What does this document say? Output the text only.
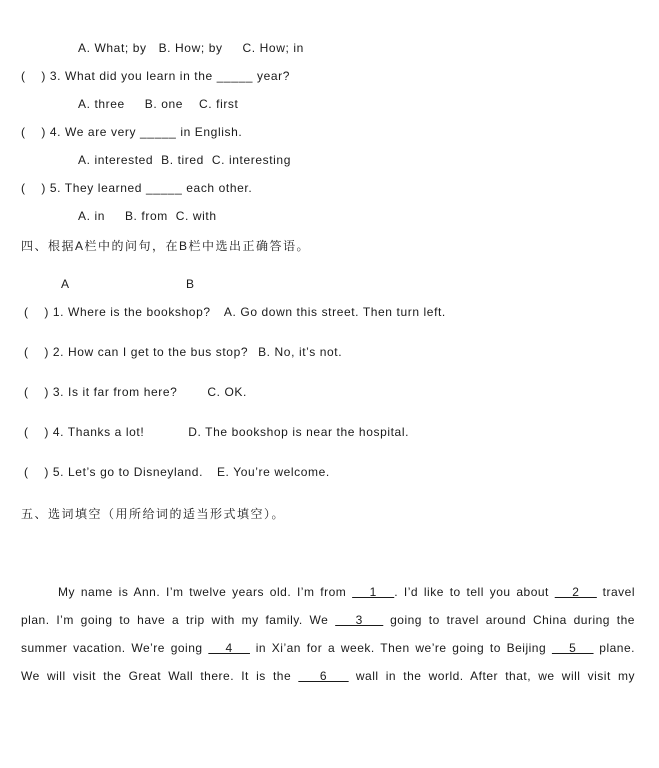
A. What; by B. How; by C. How; in
(    ) 3. What did you learn in the _____ year?
A. three B. one C. first
(    ) 4. We are very _____ in English.
A. interested B. tired C. interesting
(    ) 5. They learned _____ each other.
A. in B. from C. with
四、根据A栏中的问句，在B栏中选出正确答语。
A	B
(    ) 1. Where is the bookshop? A. Go down this street. Then turn left.
(    ) 2. How can I get to the bus stop? B. No, it’s not.
(    ) 3. Is it far from here? C. OK.
(    ) 4. Thanks a lot!	D. The bookshop is near the hospital.
(    ) 5. Let’s go to Disneyland. E. You’re welcome.
五、选词填空（用所给词的适当形式填空）。

My name is Ann. I’m twelve years old. I’m from    1   . I’d like to tell you about    2    travel

plan. I’m going to have a trip with my family. We    3    going to travel around China during the

summer vacation. We’re going    4    in Xi’an for a week. Then we’re going to Beijing    5    plane.

We will visit the Great Wall there. It is the    6    wall in the world. After that, we will visit my
